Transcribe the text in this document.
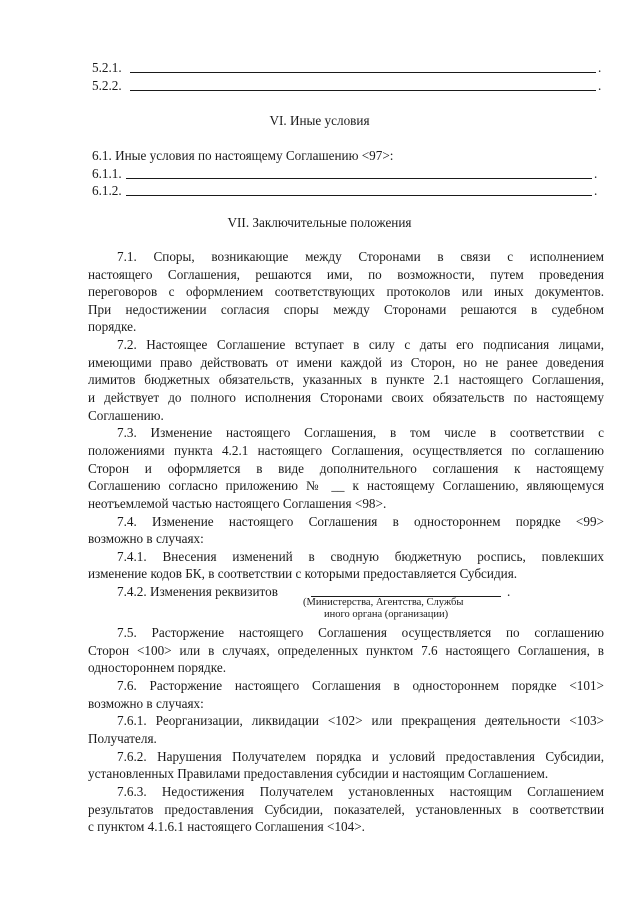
5.2.1.	.
5.2.2.	.
VI. Иные условия
6.1. Иные условия по настоящему Соглашению <97>:
6.1.1.	.
6.1.2.	.
VII. Заключительные положения
7.1. Споры, возникающие между Сторонами в связи с исполнением
настоящего Соглашения, решаются ими, по возможности, путем проведения
переговоров с оформлением соответствующих протоколов или иных документов.
При недостижении согласия споры между Сторонами решаются в судебном
порядке.
7.2. Настоящее Соглашение вступает в силу с даты его подписания лицами,
имеющими право действовать от имени каждой из Сторон, но не ранее доведения
лимитов бюджетных обязательств, указанных в пункте 2.1 настоящего Соглашения,
и действует до полного исполнения Сторонами своих обязательств по настоящему
Соглашению.
7.3. Изменение настоящего Соглашения, в том числе в соответствии с
положениями пункта 4.2.1 настоящего Соглашения, осуществляется по соглашению
Сторон и оформляется в виде дополнительного соглашения к настоящему
Соглашению согласно приложению № __ к настоящему Соглашению, являющемуся
неотъемлемой частью настоящего Соглашения <98>.
7.4. Изменение настоящего Соглашения в одностороннем порядке <99>
возможно в случаях:
7.4.1. Внесения изменений в сводную бюджетную роспись, повлекших
изменение кодов БК, в соответствии с которыми предоставляется Субсидия.
7.4.2. Изменения реквизитов	.
(Министерства, Агентства, Службы
иного органа (организации)
7.5. Расторжение настоящего Соглашения осуществляется по соглашению
Сторон <100> или в случаях, определенных пунктом 7.6 настоящего Соглашения, в
одностороннем порядке.
7.6. Расторжение настоящего Соглашения в одностороннем порядке <101>
возможно в случаях:
7.6.1. Реорганизации, ликвидации <102> или прекращения деятельности <103>
Получателя.
7.6.2. Нарушения Получателем порядка и условий предоставления Субсидии,
установленных Правилами предоставления субсидии и настоящим Соглашением.
7.6.3. Недостижения Получателем установленных настоящим Соглашением
результатов предоставления Субсидии, показателей, установленных в соответствии
с пунктом 4.1.6.1 настоящего Соглашения <104>.
